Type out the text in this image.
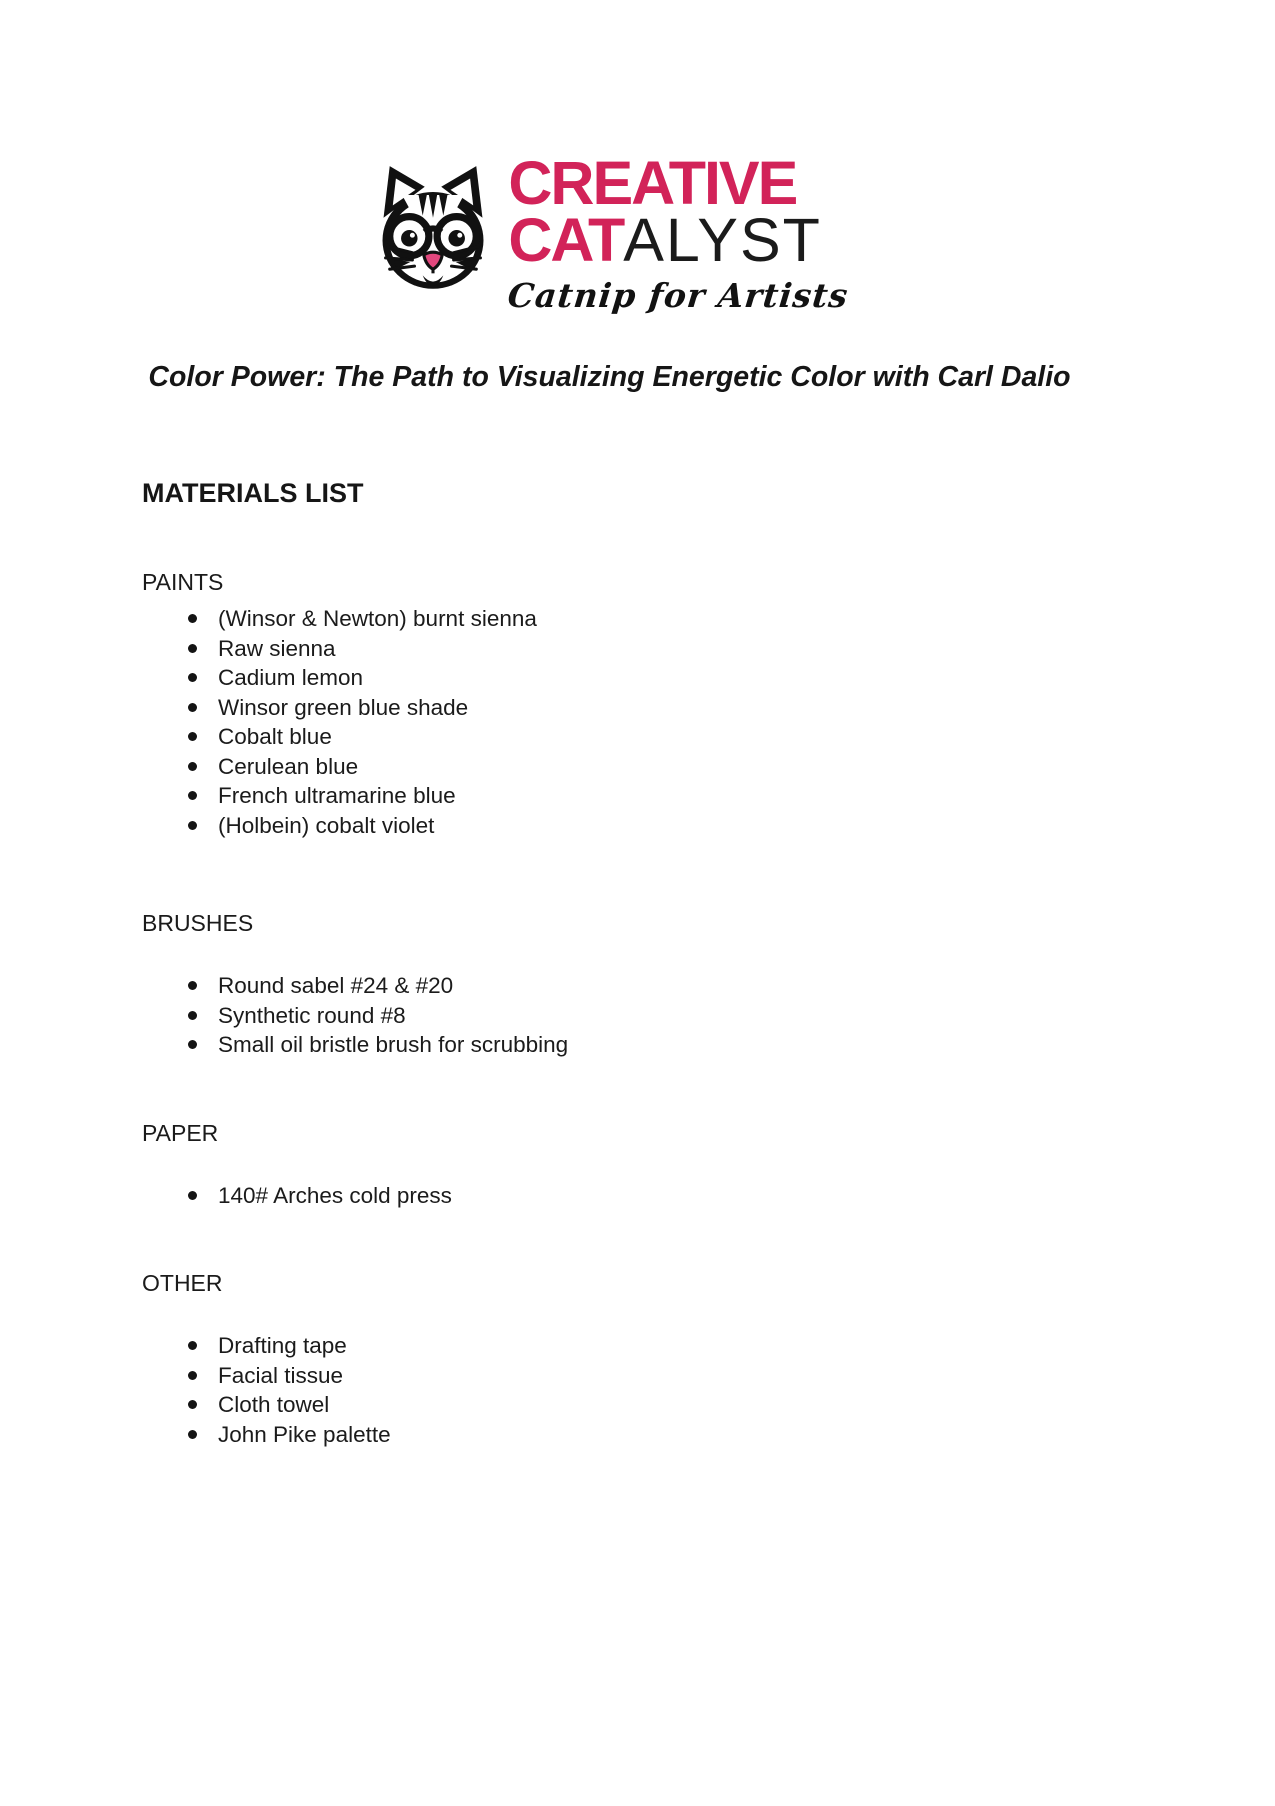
CREATIVE
CATALYST
Catnip for Artists
Color Power: The Path to Visualizing Energetic Color with Carl Dalio
MATERIALS LIST
PAINTS
(Winsor & Newton) burnt sienna
Raw sienna
Cadium lemon
Winsor green blue shade
Cobalt blue
Cerulean blue
French ultramarine blue
(Holbein) cobalt violet
BRUSHES
Round sabel #24 & #20
Synthetic round #8
Small oil bristle brush for scrubbing
PAPER
140# Arches cold press
OTHER
Drafting tape
Facial tissue
Cloth towel
John Pike palette
